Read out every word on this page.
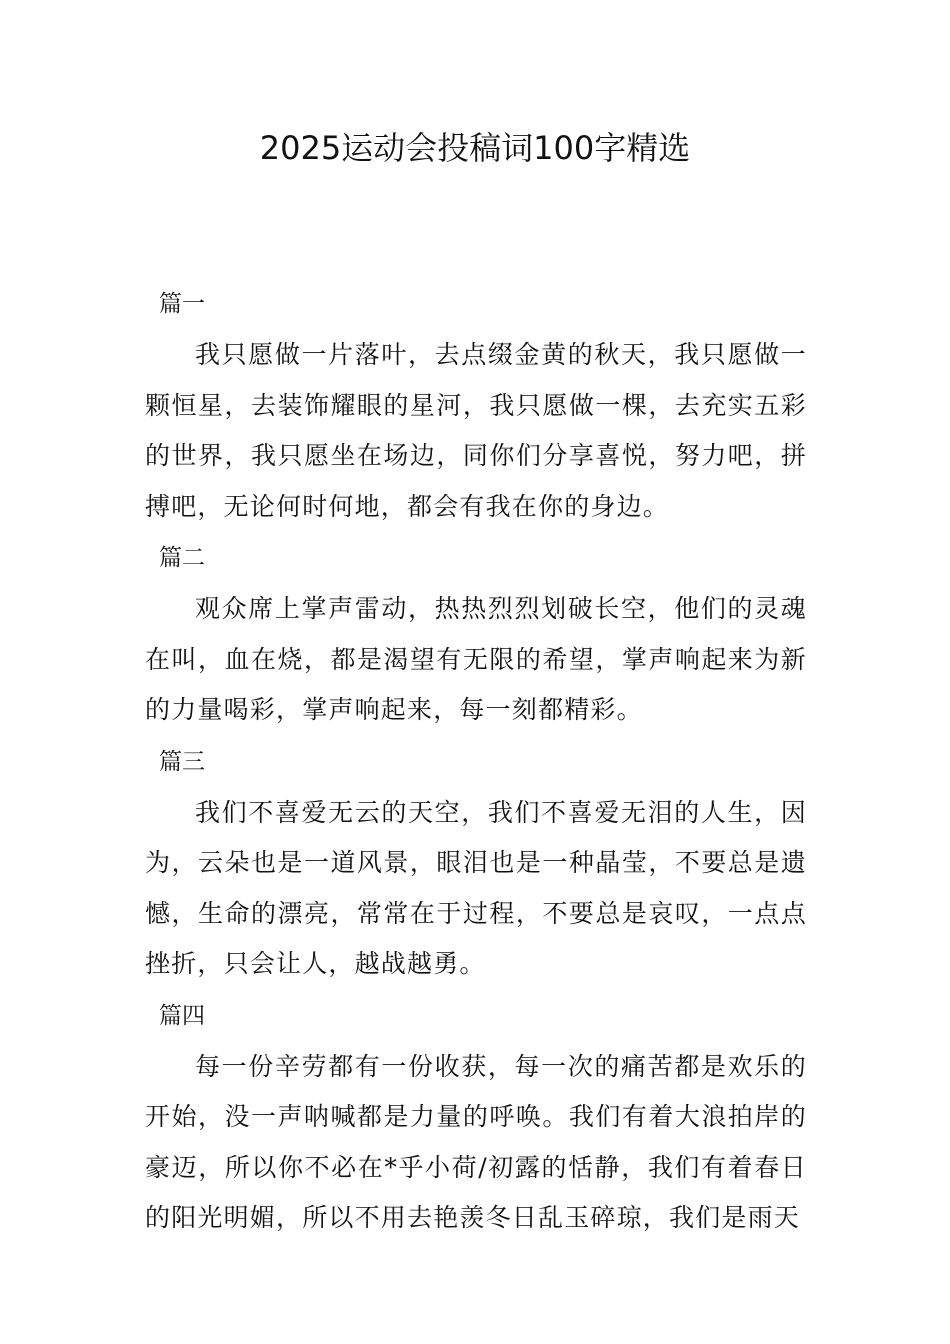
2025运动会投稿词100字精选
篇一

我只愿做一片落叶，去点缀金黄的秋天，我只愿做一颗恒星，去装饰耀眼的星河，我只愿做一棵，去充实五彩的世界，我只愿坐在场边，同你们分享喜悦，努力吧，拼搏吧，无论何时何地，都会有我在你的身边。

篇二

观众席上掌声雷动，热热烈烈划破长空，他们的灵魂在叫，血在烧，都是渴望有无限的希望，掌声响起来为新的力量喝彩，掌声响起来，每一刻都精彩。

篇三

我们不喜爱无云的天空，我们不喜爱无泪的人生，因为，云朵也是一道风景，眼泪也是一种晶莹，不要总是遗憾，生命的漂亮，常常在于过程，不要总是哀叹，一点点挫折，只会让人，越战越勇。

篇四

每一份辛劳都有一份收获，每一次的痛苦都是欢乐的开始，没一声呐喊都是力量的呼唤。我们有着大浪拍岸的豪迈，所以你不必在*乎小荷/初露的恬静，我们有着春日的阳光明媚，所以不用去艳羡冬日乱玉碎琼，我们是雨天
